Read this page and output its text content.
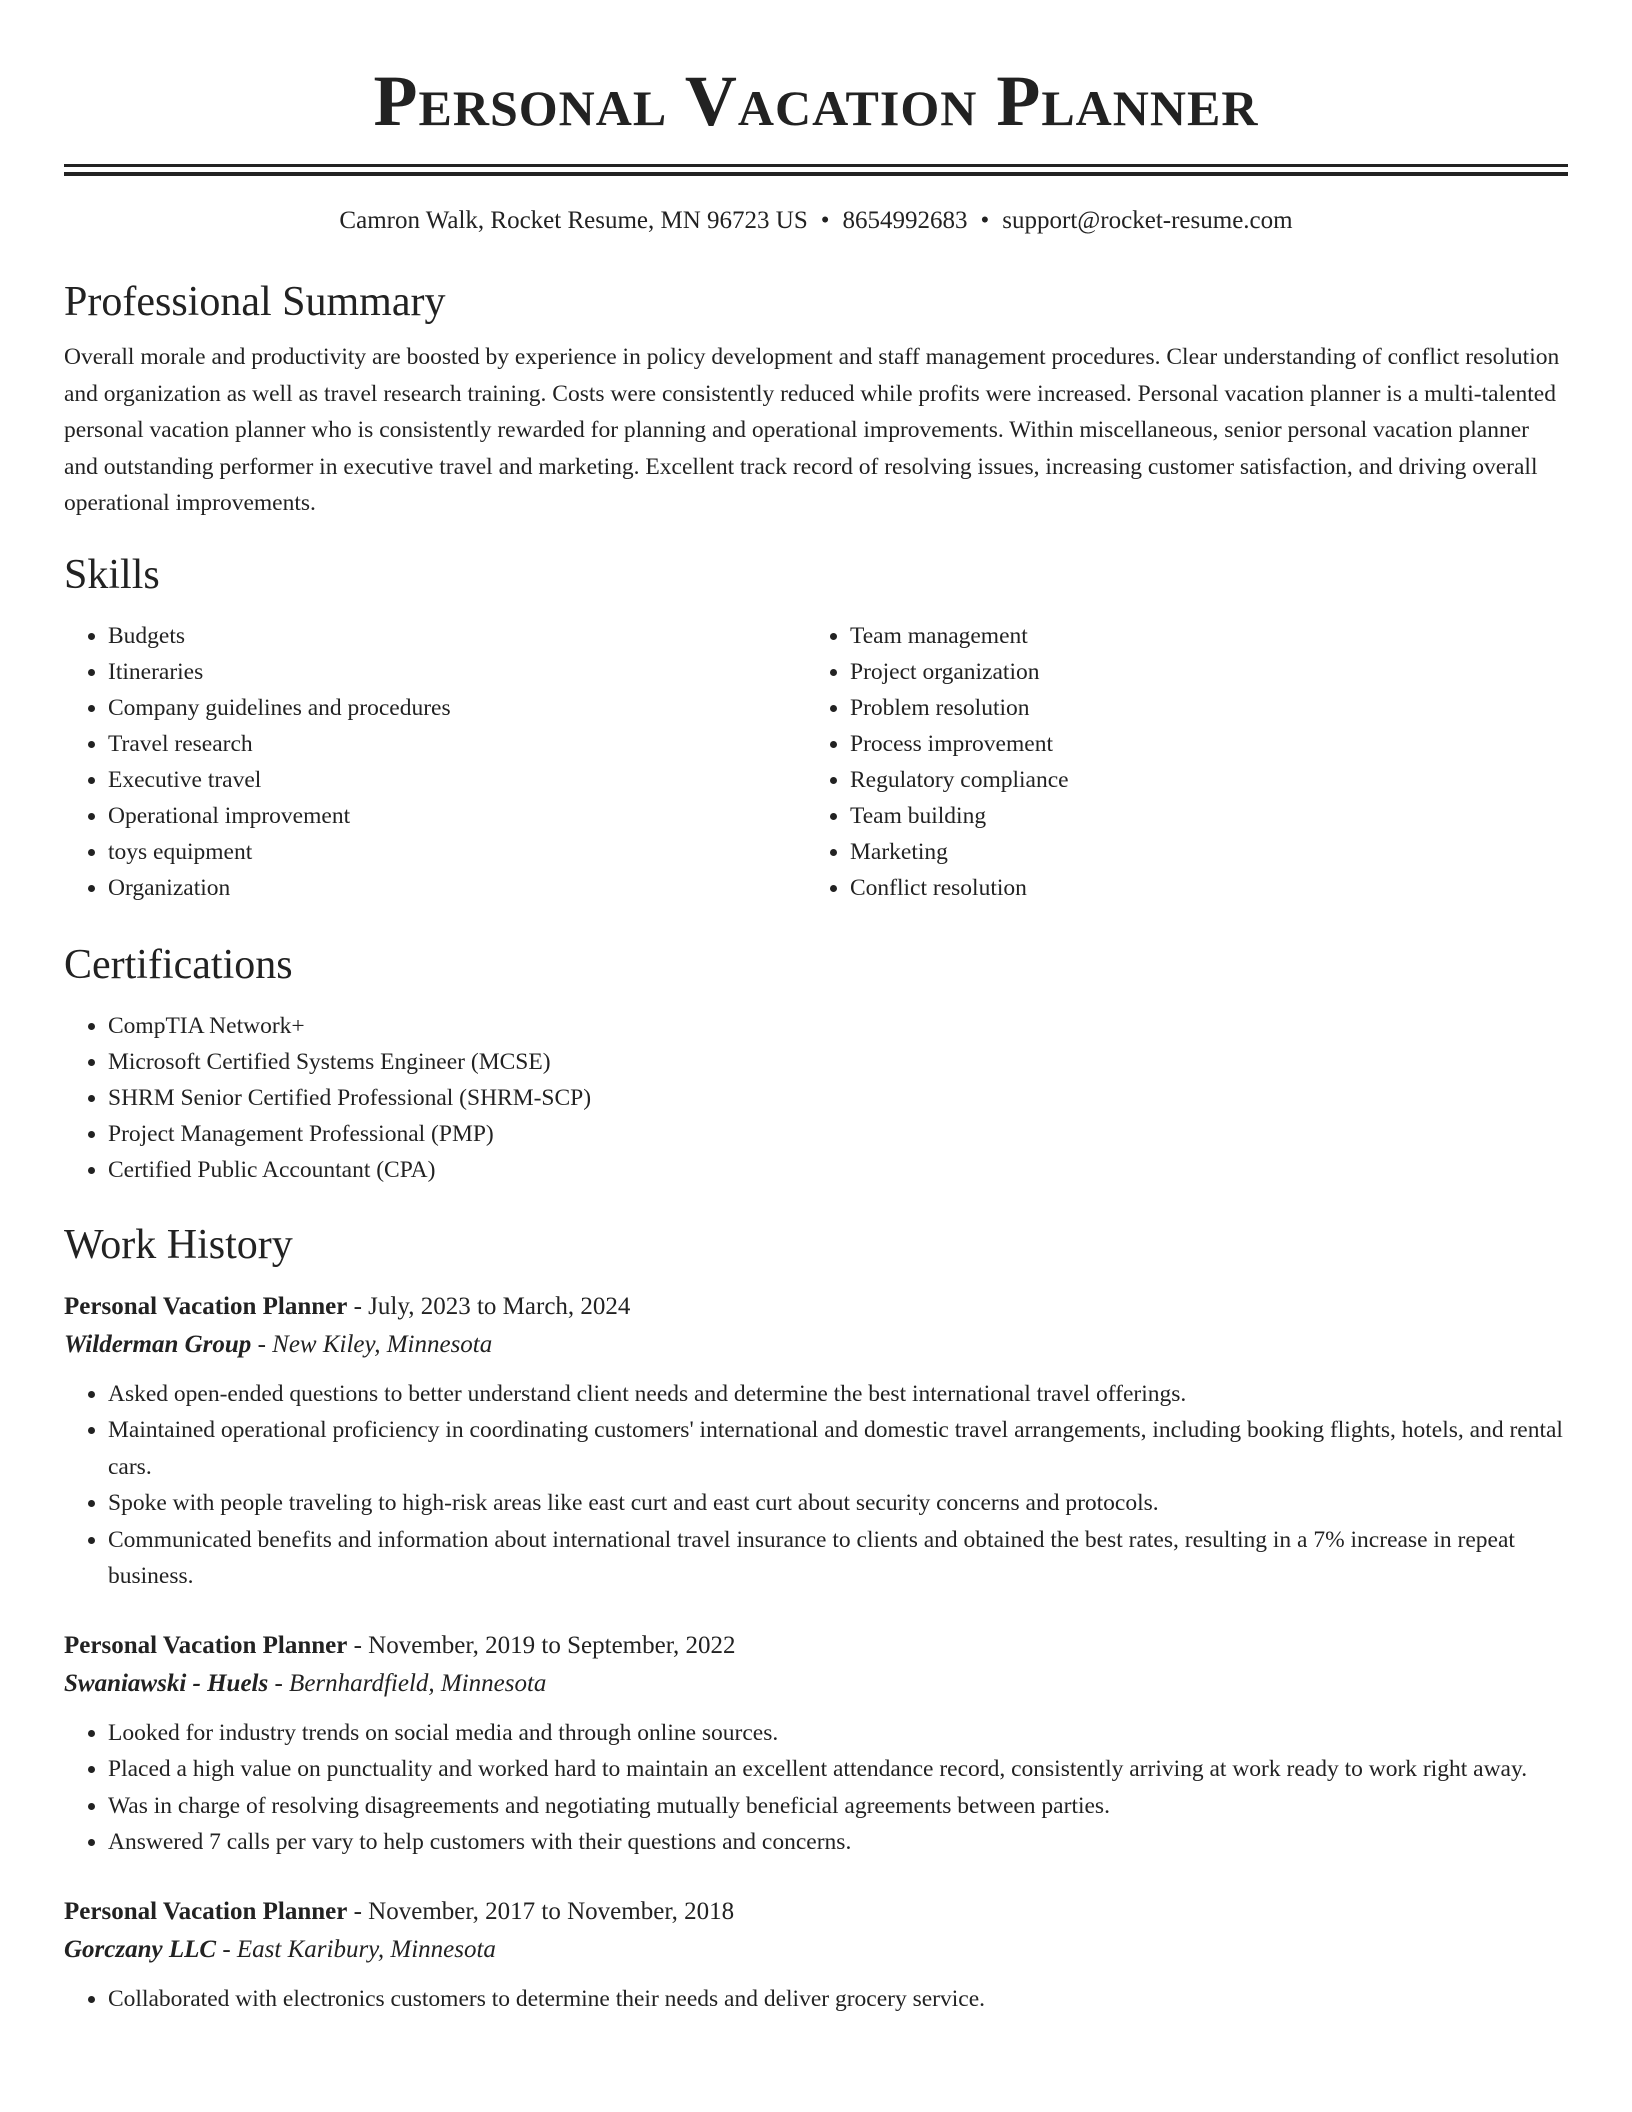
Personal Vacation Planner
Camron Walk, Rocket Resume, MN 96723 US • 8654992683 • support@rocket-resume.com
Professional Summary
Overall morale and productivity are boosted by experience in policy development and staff management procedures. Clear understanding of conflict resolution and organization as well as travel research training. Costs were consistently reduced while profits were increased. Personal vacation planner is a multi-talented personal vacation planner who is consistently rewarded for planning and operational improvements. Within miscellaneous, senior personal vacation planner and outstanding performer in executive travel and marketing. Excellent track record of resolving issues, increasing customer satisfaction, and driving overall operational improvements.
Skills
• Budgets
• Itineraries
• Company guidelines and procedures
• Travel research
• Executive travel
• Operational improvement
• toys equipment
• Organization
• Team management
• Project organization
• Problem resolution
• Process improvement
• Regulatory compliance
• Team building
• Marketing
• Conflict resolution
Certifications
• CompTIA Network+
• Microsoft Certified Systems Engineer (MCSE)
• SHRM Senior Certified Professional (SHRM-SCP)
• Project Management Professional (PMP)
• Certified Public Accountant (CPA)
Work History
Personal Vacation Planner - July, 2023 to March, 2024
Wilderman Group - New Kiley, Minnesota
• Asked open-ended questions to better understand client needs and determine the best international travel offerings.
• Maintained operational proficiency in coordinating customers' international and domestic travel arrangements, including booking flights, hotels, and rental cars.
• Spoke with people traveling to high-risk areas like east curt and east curt about security concerns and protocols.
• Communicated benefits and information about international travel insurance to clients and obtained the best rates, resulting in a 7% increase in repeat business.
Personal Vacation Planner - November, 2019 to September, 2022
Swaniawski - Huels - Bernhardfield, Minnesota
• Looked for industry trends on social media and through online sources.
• Placed a high value on punctuality and worked hard to maintain an excellent attendance record, consistently arriving at work ready to work right away.
• Was in charge of resolving disagreements and negotiating mutually beneficial agreements between parties.
• Answered 7 calls per vary to help customers with their questions and concerns.
Personal Vacation Planner - November, 2017 to November, 2018
Gorczany LLC - East Karibury, Minnesota
• Collaborated with electronics customers to determine their needs and deliver grocery service.
